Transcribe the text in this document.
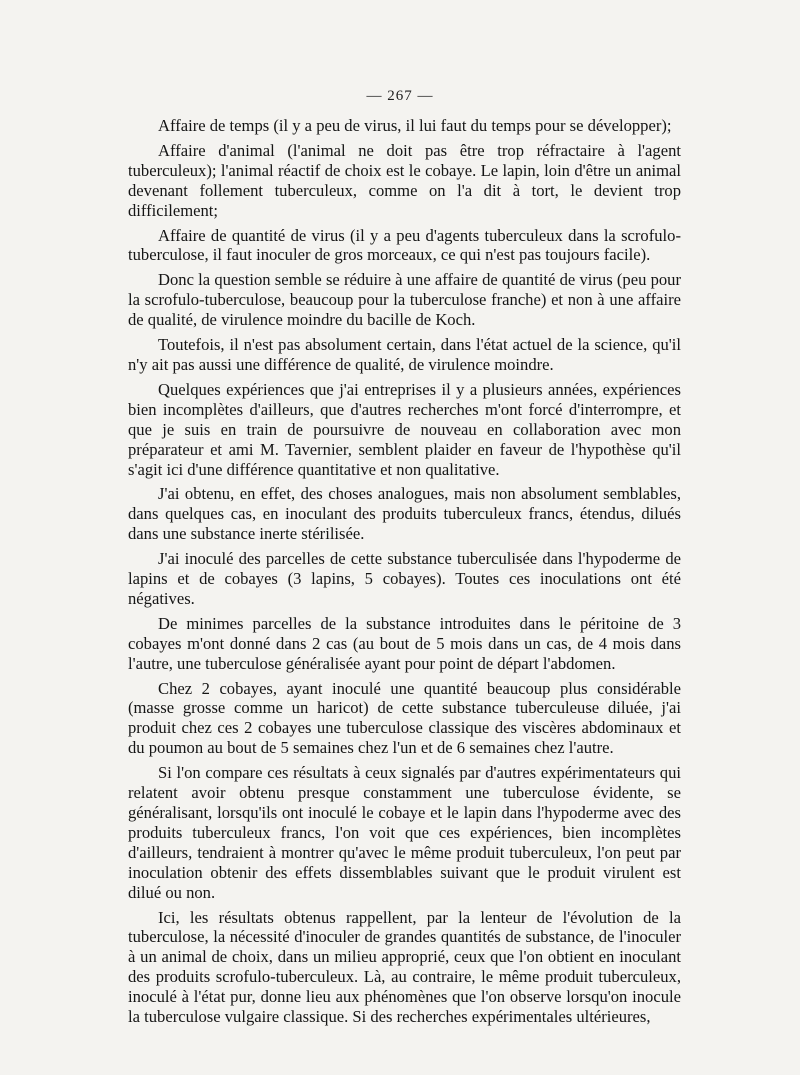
— 267 —

Affaire de temps (il y a peu de virus, il lui faut du temps pour se développer);

Affaire d'animal (l'animal ne doit pas être trop réfractaire à l'agent tuberculeux); l'animal réactif de choix est le cobaye. Le lapin, loin d'être un animal devenant follement tuberculeux, comme on l'a dit à tort, le devient trop difficilement;

Affaire de quantité de virus (il y a peu d'agents tuberculeux dans la scrofulo-tuberculose, il faut inoculer de gros morceaux, ce qui n'est pas toujours facile).

Donc la question semble se réduire à une affaire de quantité de virus (peu pour la scrofulo-tuberculose, beaucoup pour la tuberculose franche) et non à une affaire de qualité, de virulence moindre du bacille de Koch.

Toutefois, il n'est pas absolument certain, dans l'état actuel de la science, qu'il n'y ait pas aussi une différence de qualité, de virulence moindre.

Quelques expériences que j'ai entreprises il y a plusieurs années, expériences bien incomplètes d'ailleurs, que d'autres recherches m'ont forcé d'interrompre, et que je suis en train de poursuivre de nouveau en collaboration avec mon préparateur et ami M. Tavernier, semblent plaider en faveur de l'hypothèse qu'il s'agit ici d'une différence quantitative et non qualitative.

J'ai obtenu, en effet, des choses analogues, mais non absolument semblables, dans quelques cas, en inoculant des produits tuberculeux francs, étendus, dilués dans une substance inerte stérilisée.

J'ai inoculé des parcelles de cette substance tuberculisée dans l'hypoderme de lapins et de cobayes (3 lapins, 5 cobayes). Toutes ces inoculations ont été négatives.

De minimes parcelles de la substance introduites dans le péritoine de 3 cobayes m'ont donné dans 2 cas (au bout de 5 mois dans un cas, de 4 mois dans l'autre, une tuberculose généralisée ayant pour point de départ l'abdomen.

Chez 2 cobayes, ayant inoculé une quantité beaucoup plus considérable (masse grosse comme un haricot) de cette substance tuberculeuse diluée, j'ai produit chez ces 2 cobayes une tuberculose classique des viscères abdominaux et du poumon au bout de 5 semaines chez l'un et de 6 semaines chez l'autre.

Si l'on compare ces résultats à ceux signalés par d'autres expérimentateurs qui relatent avoir obtenu presque constamment une tuberculose évidente, se généralisant, lorsqu'ils ont inoculé le cobaye et le lapin dans l'hypoderme avec des produits tuberculeux francs, l'on voit que ces expériences, bien incomplètes d'ailleurs, tendraient à montrer qu'avec le même produit tuberculeux, l'on peut par inoculation obtenir des effets dissemblables suivant que le produit virulent est dilué ou non.

Ici, les résultats obtenus rappellent, par la lenteur de l'évolution de la tuberculose, la nécessité d'inoculer de grandes quantités de substance, de l'inoculer à un animal de choix, dans un milieu approprié, ceux que l'on obtient en inoculant des produits scrofulo-tuberculeux. Là, au contraire, le même produit tuberculeux, inoculé à l'état pur, donne lieu aux phénomènes que l'on observe lorsqu'on inocule la tuberculose vulgaire classique. Si des recherches expérimentales ultérieures,
